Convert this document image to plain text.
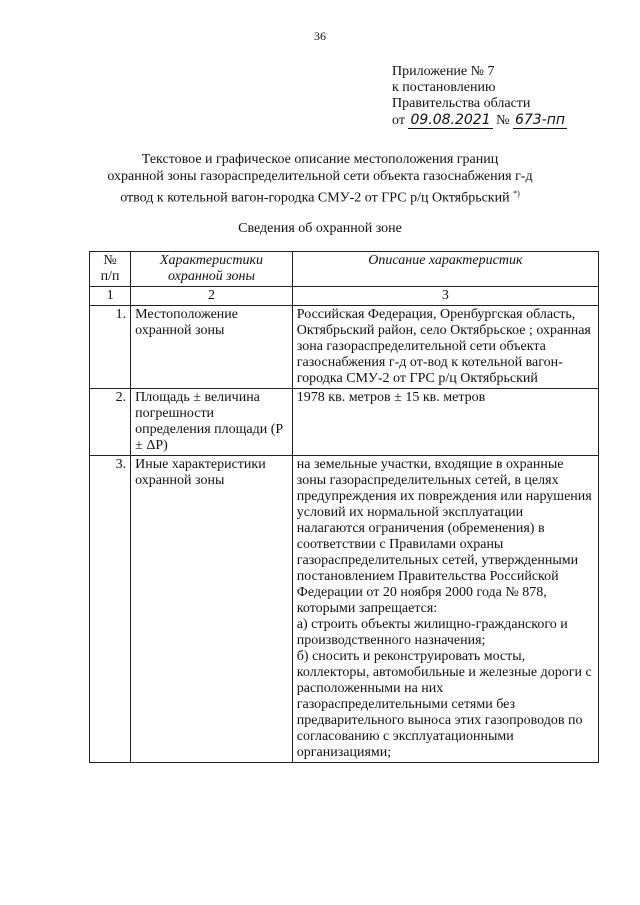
36
Приложение № 7
к постановлению
Правительства области
от 09.08.2021 № 673-пп
Текстовое и графическое описание местоположения границ
охранной зоны газораспределительной сети объекта газоснабжения г-д
отвод к котельной вагон-городка СМУ-2 от ГРС р/ц Октябрьский *)
Сведения об охранной зоне
№
п/п	Характеристики охранной зоны	Описание характеристик
1	2	3
1.	Местоположение охранной зоны	Российская Федерация, Оренбургская область, Октябрьский район, село Октябрьское ; охранная зона газораспределительной сети объекта газоснабжения г-д от-вод к котельной вагон-городка СМУ-2 от ГРС р/ц Октябрьский
2.	Площадь ± величина погрешности определения площади (Р ± ΔР)	1978 кв. метров ± 15 кв. метров
3.	Иные характеристики охранной зоны	на земельные участки, входящие в охранные зоны газораспределительных сетей, в целях предупреждения их повреждения или нарушения условий их нормальной эксплуатации налагаются ограничения (обременения) в соответствии с Правилами охраны газораспределительных сетей, утвержденными постановлением Правительства Российской Федерации от 20 ноября 2000 года № 878, которыми запрещается:
а) строить объекты жилищно-гражданского и производственного назначения;
б) сносить и реконструировать мосты, коллекторы, автомобильные и железные дороги с расположенными на них газораспределительными сетями без предварительного выноса этих газопроводов по согласованию с эксплуатационными организациями;
